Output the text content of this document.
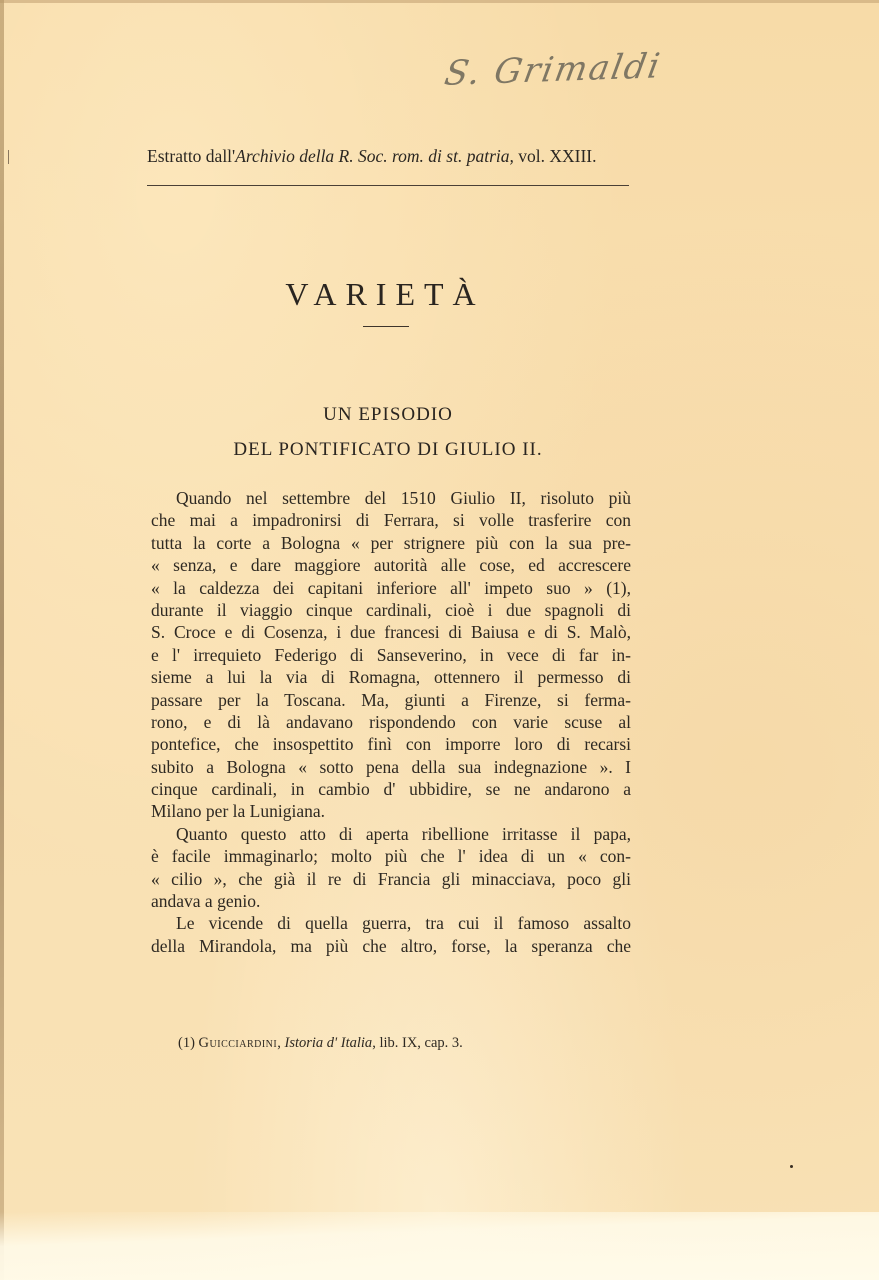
S. Grimaldi
Estratto dall'Archivio della R. Soc. rom. di st. patria, vol. XXIII.
VARIETÀ
UN EPISODIO
DEL PONTIFICATO DI GIULIO II.
Quando nel settembre del 1510 Giulio II, risoluto più
che mai a impadronirsi di Ferrara, si volle trasferire con
tutta la corte a Bologna « per strignere più con la sua pre-
« senza, e dare maggiore autorità alle cose, ed accrescere
« la caldezza dei capitani inferiore all' impeto suo » (1),
durante il viaggio cinque cardinali, cioè i due spagnoli di
S. Croce e di Cosenza, i due francesi di Baiusa e di S. Malò,
e l' irrequieto Federigo di Sanseverino, in vece di far in-
sieme a lui la via di Romagna, ottennero il permesso di
passare per la Toscana. Ma, giunti a Firenze, si ferma-
rono, e di là andavano rispondendo con varie scuse al
pontefice, che insospettito finì con imporre loro di recarsi
subito a Bologna « sotto pena della sua indegnazione ». I
cinque cardinali, in cambio d' ubbidire, se ne andarono a
Milano per la Lunigiana.
Quanto questo atto di aperta ribellione irritasse il papa,
è facile immaginarlo; molto più che l' idea di un « con-
« cilio », che già il re di Francia gli minacciava, poco gli
andava a genio.
Le vicende di quella guerra, tra cui il famoso assalto
della Mirandola, ma più che altro, forse, la speranza che
(1) Guicciardini, Istoria d' Italia, lib. IX, cap. 3.
